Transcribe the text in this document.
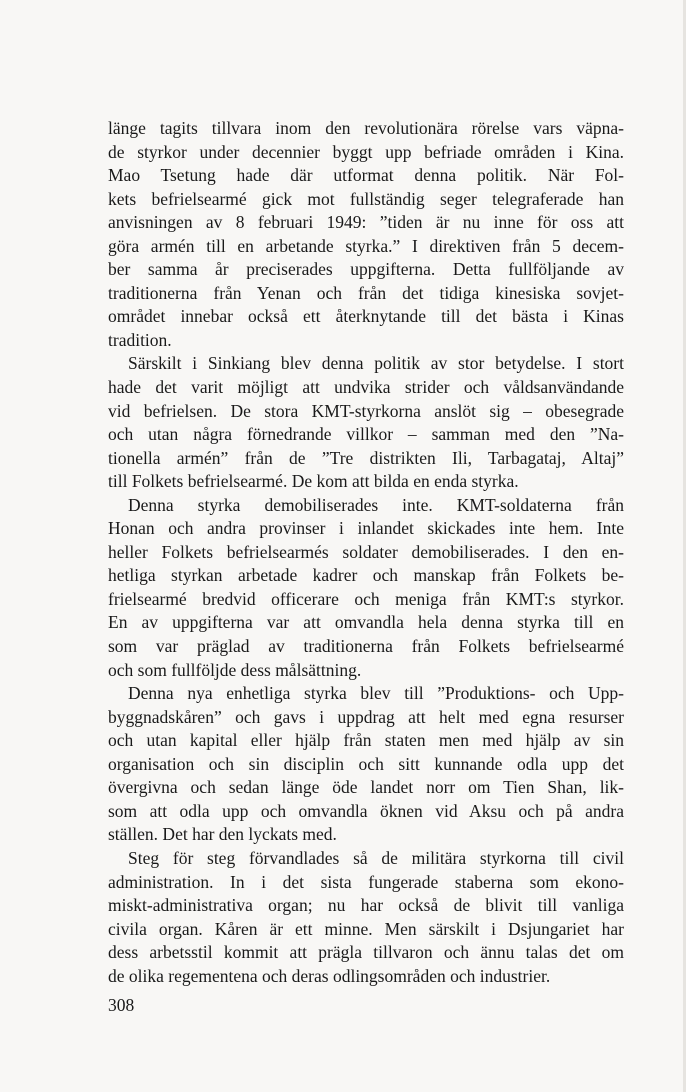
länge tagits tillvara inom den revolutionära rörelse vars väpna-
de styrkor under decennier byggt upp befriade områden i Kina.
Mao Tsetung hade där utformat denna politik. När Fol-
kets befrielsearmé gick mot fullständig seger telegraferade han
anvisningen av 8 februari 1949: ”tiden är nu inne för oss att
göra armén till en arbetande styrka.” I direktiven från 5 decem-
ber samma år preciserades uppgifterna. Detta fullföljande av
traditionerna från Yenan och från det tidiga kinesiska sovjet-
området innebar också ett återknytande till det bästa i Kinas
tradition.
Särskilt i Sinkiang blev denna politik av stor betydelse. I stort
hade det varit möjligt att undvika strider och våldsanvändande
vid befrielsen. De stora KMT-styrkorna anslöt sig – obesegrade
och utan några förnedrande villkor – samman med den ”Na-
tionella armén” från de ”Tre distrikten Ili, Tarbagataj, Altaj”
till Folkets befrielsearmé. De kom att bilda en enda styrka.
Denna styrka demobiliserades inte. KMT-soldaterna från
Honan och andra provinser i inlandet skickades inte hem. Inte
heller Folkets befrielsearmés soldater demobiliserades. I den en-
hetliga styrkan arbetade kadrer och manskap från Folkets be-
frielsearmé bredvid officerare och meniga från KMT:s styrkor.
En av uppgifterna var att omvandla hela denna styrka till en
som var präglad av traditionerna från Folkets befrielsearmé
och som fullföljde dess målsättning.
Denna nya enhetliga styrka blev till ”Produktions- och Upp-
byggnadskåren” och gavs i uppdrag att helt med egna resurser
och utan kapital eller hjälp från staten men med hjälp av sin
organisation och sin disciplin och sitt kunnande odla upp det
övergivna och sedan länge öde landet norr om Tien Shan, lik-
som att odla upp och omvandla öknen vid Aksu och på andra
ställen. Det har den lyckats med.
Steg för steg förvandlades så de militära styrkorna till civil
administration. In i det sista fungerade staberna som ekono-
miskt-administrativa organ; nu har också de blivit till vanliga
civila organ. Kåren är ett minne. Men särskilt i Dsjungariet har
dess arbetsstil kommit att prägla tillvaron och ännu talas det om
de olika regementena och deras odlingsområden och industrier.
308
